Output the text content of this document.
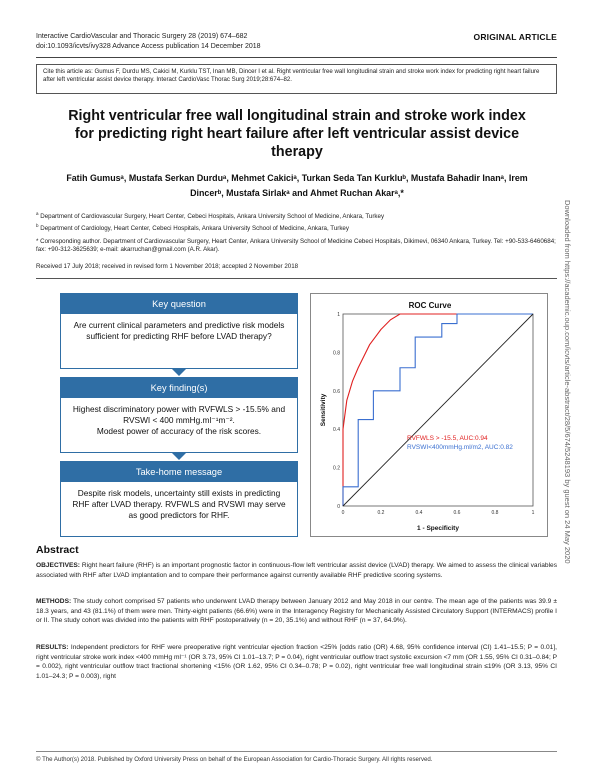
Interactive CardioVascular and Thoracic Surgery 28 (2019) 674–682
doi:10.1093/icvts/ivy328 Advance Access publication 14 December 2018
ORIGINAL ARTICLE
Cite this article as: Gumus F, Durdu MS, Cakici M, Kurklu TST, Inan MB, Dincer I et al. Right ventricular free wall longitudinal strain and stroke work index for predicting right heart failure after left ventricular assist device therapy. Interact CardioVasc Thorac Surg 2019;28:674–82.
Right ventricular free wall longitudinal strain and stroke work index for predicting right heart failure after left ventricular assist device therapy
Fatih Gumusᵃ, Mustafa Serkan Durduᵃ, Mehmet Cakiciᵃ, Turkan Seda Tan Kurkluᵇ, Mustafa Bahadir Inanᵃ, Irem Dincerᵇ, Mustafa Sirlakᵃ and Ahmet Ruchan Akarᵃ,*
$^a$ Department of Cardiovascular Surgery, Heart Center, Cebeci Hospitals, Ankara University School of Medicine, Ankara, Turkey
$^b$ Department of Cardiology, Heart Center, Cebeci Hospitals, Ankara University School of Medicine, Ankara, Turkey
* Corresponding author. Department of Cardiovascular Surgery, Heart Center, Ankara University School of Medicine Cebeci Hospitals, Dikimevi, 06340 Ankara, Turkey. Tel: +90-533-6460684; fax: +90-312-3625639; e-mail: akarruchan@gmail.com (A.R. Akar).
Received 17 July 2018; received in revised form 1 November 2018; accepted 2 November 2018	Downloaded from https://academic.oup.com/icvts/article-abstract/28/5/674/5248193 by guest on 24 May 2020
Key question
Are current clinical parameters and predictive risk models sufficient for predicting RHF before LVAD therapy?
Key finding(s)
Highest discriminatory power with RVFWLS > -15.5% and RVSWI < 400 mmHg.ml⁻¹m⁻².
Modest power of accuracy of the risk scores.
Take-home message
Despite risk models, uncertainty still exists in predicting RHF after LVAD therapy. RVFWLS and RVSWI may serve as good predictors for RHF.
ROC Curve
0	0.2	0.4	0.6	0.8	1
0
0.2
0.4
0.6
0.8
1
Sensitivity
1 - Specificity
RVFWLS > -15.5, AUC:0.94
RVSWI<400mmHg.ml/m2, AUC:0.82
Abstract
OBJECTIVES: Right heart failure (RHF) is an important prognostic factor in continuous-flow left ventricular assist device (LVAD) therapy. We aimed to assess the clinical variables associated with RHF after LVAD implantation and to compare their performance against currently available RHF predictive scoring systems.
METHODS: The study cohort comprised 57 patients who underwent LVAD therapy between January 2012 and May 2018 in our centre. The mean age of the patients was 39.9 ± 18.3 years, and 43 (81.1%) of them were men. Thirty-eight patients (66.6%) were in the Interagency Registry for Mechanically Assisted Circulatory Support (INTERMACS) profile I or II. The study cohort was divided into the patients with RHF postoperatively (n = 20, 35.1%) and without RHF (n = 37, 64.9%).
RESULTS: Independent predictors for RHF were preoperative right ventricular ejection fraction <25% [odds ratio (OR) 4.68, 95% confidence interval (CI) 1.41–15.5; P = 0.01], right ventricular stroke work index <400 mmHg ml⁻¹ (OR 3.73, 95% CI 1.01–13.7; P = 0.04), right ventricular outflow tract systolic excursion <7 mm (OR 1.55, 95% CI 0.31–0.84; P = 0.002), right ventricular outflow tract fractional shortening <15% (OR 1.62, 95% CI 0.34–0.78; P = 0.02), right ventricular free wall longitudinal strain ≤19% (OR 3.13, 95% CI 1.01–24.3; P = 0.003), right
© The Author(s) 2018. Published by Oxford University Press on behalf of the European Association for Cardio-Thoracic Surgery. All rights reserved.
